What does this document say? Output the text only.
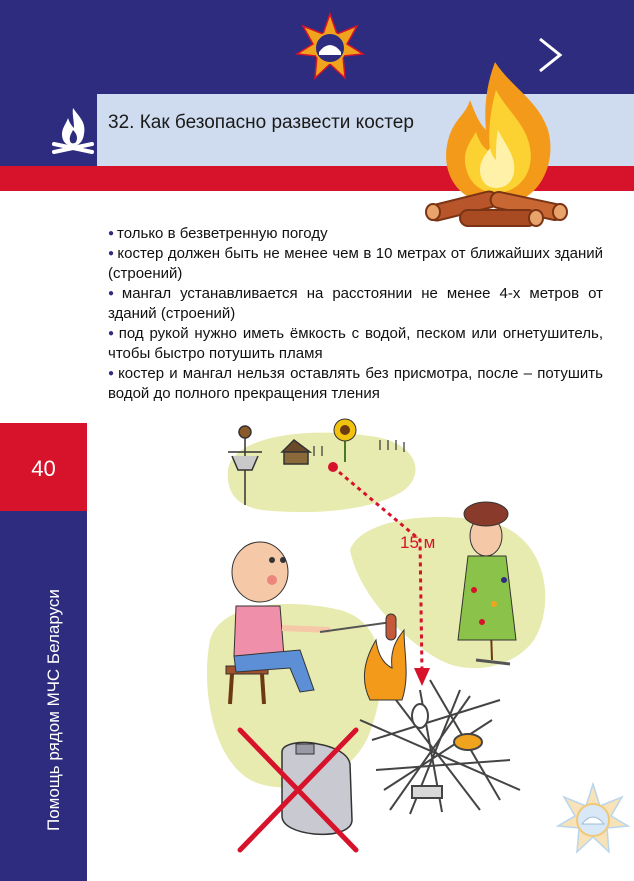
32. Как безопасно развести костер

● только в безветренную погоду

● костер должен быть не менее чем в 10 метрах от ближайших зданий (строений)

● мангал устанавливается на расстоянии не менее 4-х метров от зданий (строений)

● под рукой нужно иметь ёмкость с водой, песком или огнетушитель, чтобы быстро потушить пламя

● костер и мангал нельзя оставлять без присмотра, после – потушить водой до полного прекращения тления

40
Помощь рядом МЧС Беларуси
15 м
